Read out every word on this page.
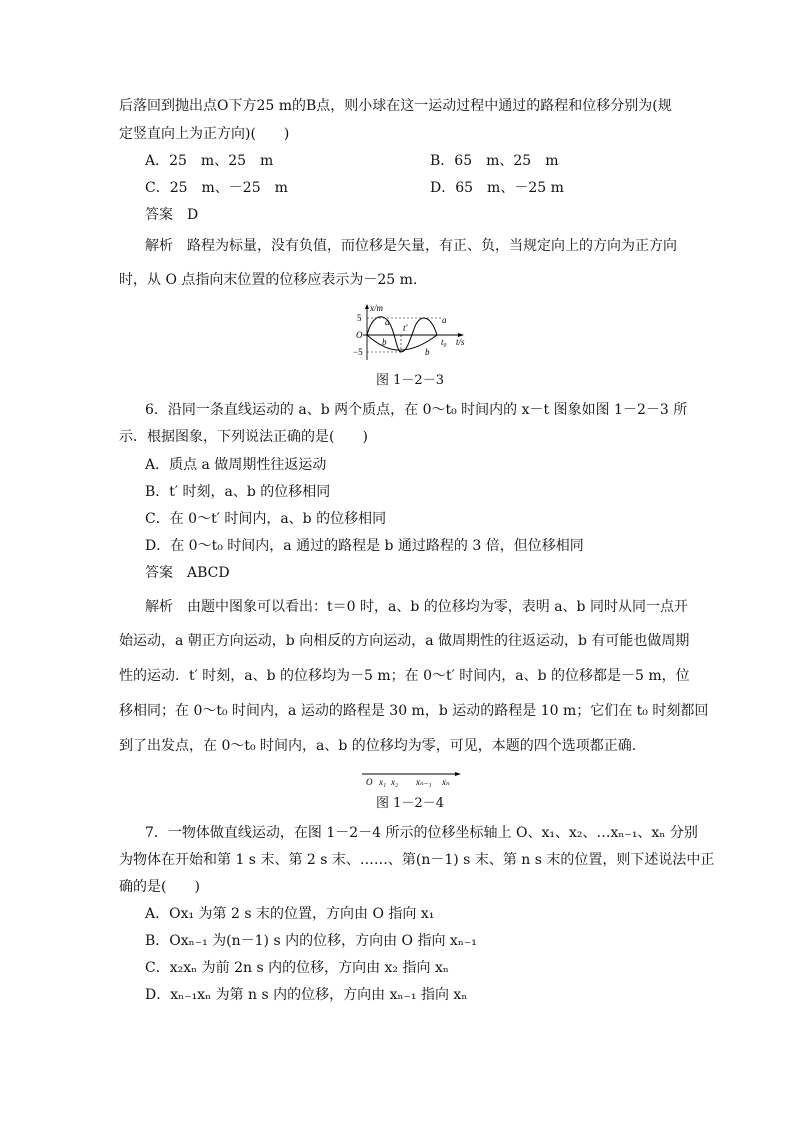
后落回到抛出点O下方25 m的B点，则小球在这一运动过程中通过的路程和位移分别为(规
定竖直向上为正方向)(　　)
A．25　m、25　m	B．65　m、25　m
C．25　m、－25　m	D．65　m、－25 m
答案　D
解析　路程为标量，没有负值，而位移是矢量，有正、负，当规定向上的方向为正方向
时，从 O 点指向末位置的位移应表示为－25 m.
x/m
5
O
−5
a	a
b
b
t′
t₀ t/s
图 1－2－3
6．沿同一条直线运动的 a、b 两个质点，在 0～t₀ 时间内的 x－t 图象如图 1－2－3 所
示．根据图象，下列说法正确的是(　　)
A．质点 a 做周期性往返运动
B．t′ 时刻，a、b 的位移相同
C．在 0～t′ 时间内，a、b 的位移相同
D．在 0～t₀ 时间内，a 通过的路程是 b 通过路程的 3 倍，但位移相同
答案　ABCD
解析　由题中图象可以看出：t＝0 时，a、b 的位移均为零，表明 a、b 同时从同一点开
始运动，a 朝正方向运动，b 向相反的方向运动，a 做周期性的往返运动，b 有可能也做周期
性的运动．t′ 时刻，a、b 的位移均为－5 m；在 0～t′ 时间内，a、b 的位移都是－5 m，位
移相同；在 0～t₀ 时间内，a 运动的路程是 30 m，b 运动的路程是 10 m；它们在 t₀ 时刻都回
到了出发点，在 0～t₀ 时间内，a、b 的位移均为零，可见，本题的四个选项都正确．
O x₁ x₂ xₙ₋₁ xₙ
图 1－2－4
7．一物体做直线运动，在图 1－2－4 所示的位移坐标轴上 O、x₁、x₂、…xₙ₋₁、xₙ 分别
为物体在开始和第 1 s 末、第 2 s 末、……、第(n－1) s 末、第 n s 末的位置，则下述说法中正
确的是(　　)
A．Ox₁ 为第 2 s 末的位置，方向由 O 指向 x₁
B．Oxₙ₋₁ 为(n－1) s 内的位移，方向由 O 指向 xₙ₋₁
C．x₂xₙ 为前 2n s 内的位移，方向由 x₂ 指向 xₙ
D．xₙ₋₁xₙ 为第 n s 内的位移，方向由 xₙ₋₁ 指向 xₙ
